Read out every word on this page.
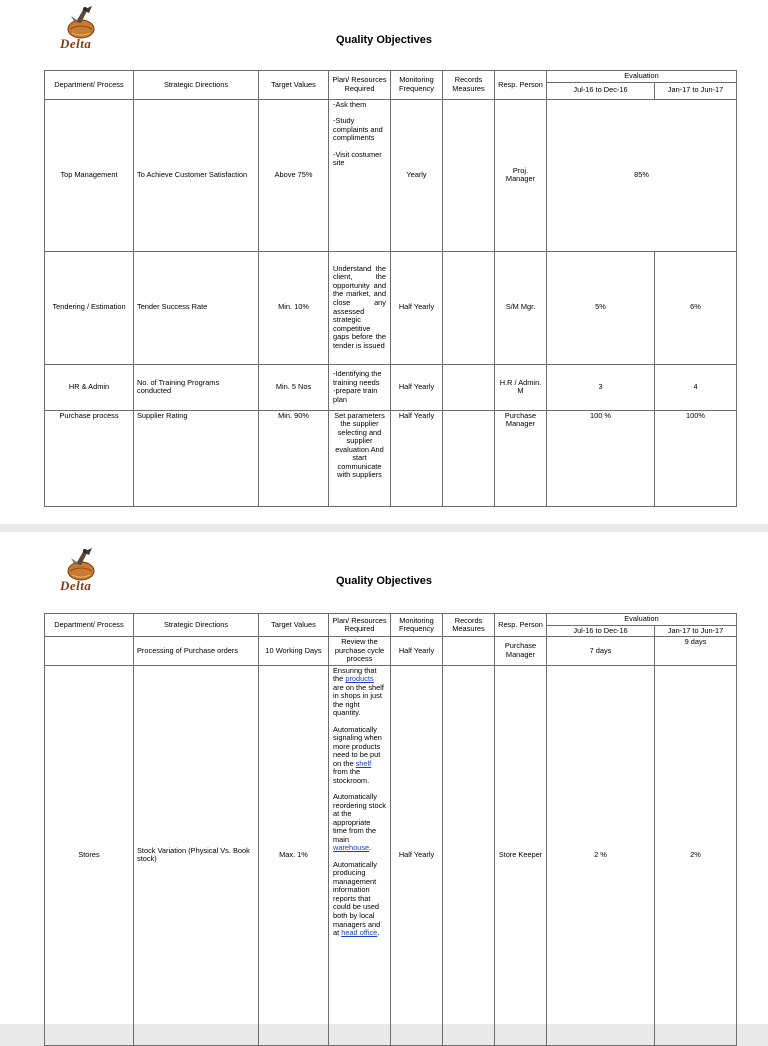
Delta	Quality Objectives
Department/ Process	Strategic Directions	Target Values	Plan/ Resources Required	Monitoring Frequency	Records Measures	Resp. Person	Evaluation	
							Jul-16 to Dec-16	Jan-17 to Jun-17
Top Management	To Achieve Customer Satisfaction	Above 75%	-Ask them
-Study complaints and compliments
-Visit costumer site	Yearly		Proj. Manager	85%	
Tendering / Estimation	Tender Success Rate	Min. 10%	Understand the client, the opportunity and the market, and close any assessed strategic competitive gaps before the tender is issued	Half Yearly		S/M Mgr.	5%	6%
HR & Admin	No. of Training Programs conducted	Min. 5 Nos	-Identifying the training needs
-prepare train plan	Half Yearly		H.R / Admin. M	3	4
Purchase process	Supplier Rating	Min. 90%	Set parameters the supplier selecting and supplier evaluation And start communicate with suppliers	Half Yearly		Purchase Manager	100 %	100%
Delta	Quality Objectives
Department/ Process	Strategic Directions	Target Values	Plan/ Resources Required	Monitoring Frequency	Records Measures	Resp. Person	Evaluation	
							Jul-16 to Dec-16	Jan-17 to Jun-17
	Processing of Purchase orders	10 Working Days	Review the purchase cycle process	Half Yearly		Purchase Manager	7 days	9 days
Stores	Stock Variation (Physical Vs. Book stock)	Max. 1%	Ensuring that the products are on the shelf in shops in just the right quantity.
Automatically signaling when more products need to be put on the shelf from the stockroom.
Automatically reordering stock at the appropriate time from the main warehouse.
Automatically producing management information reports that could be used both by local managers and at head office.	Half Yearly		Store Keeper	2 %	2%
